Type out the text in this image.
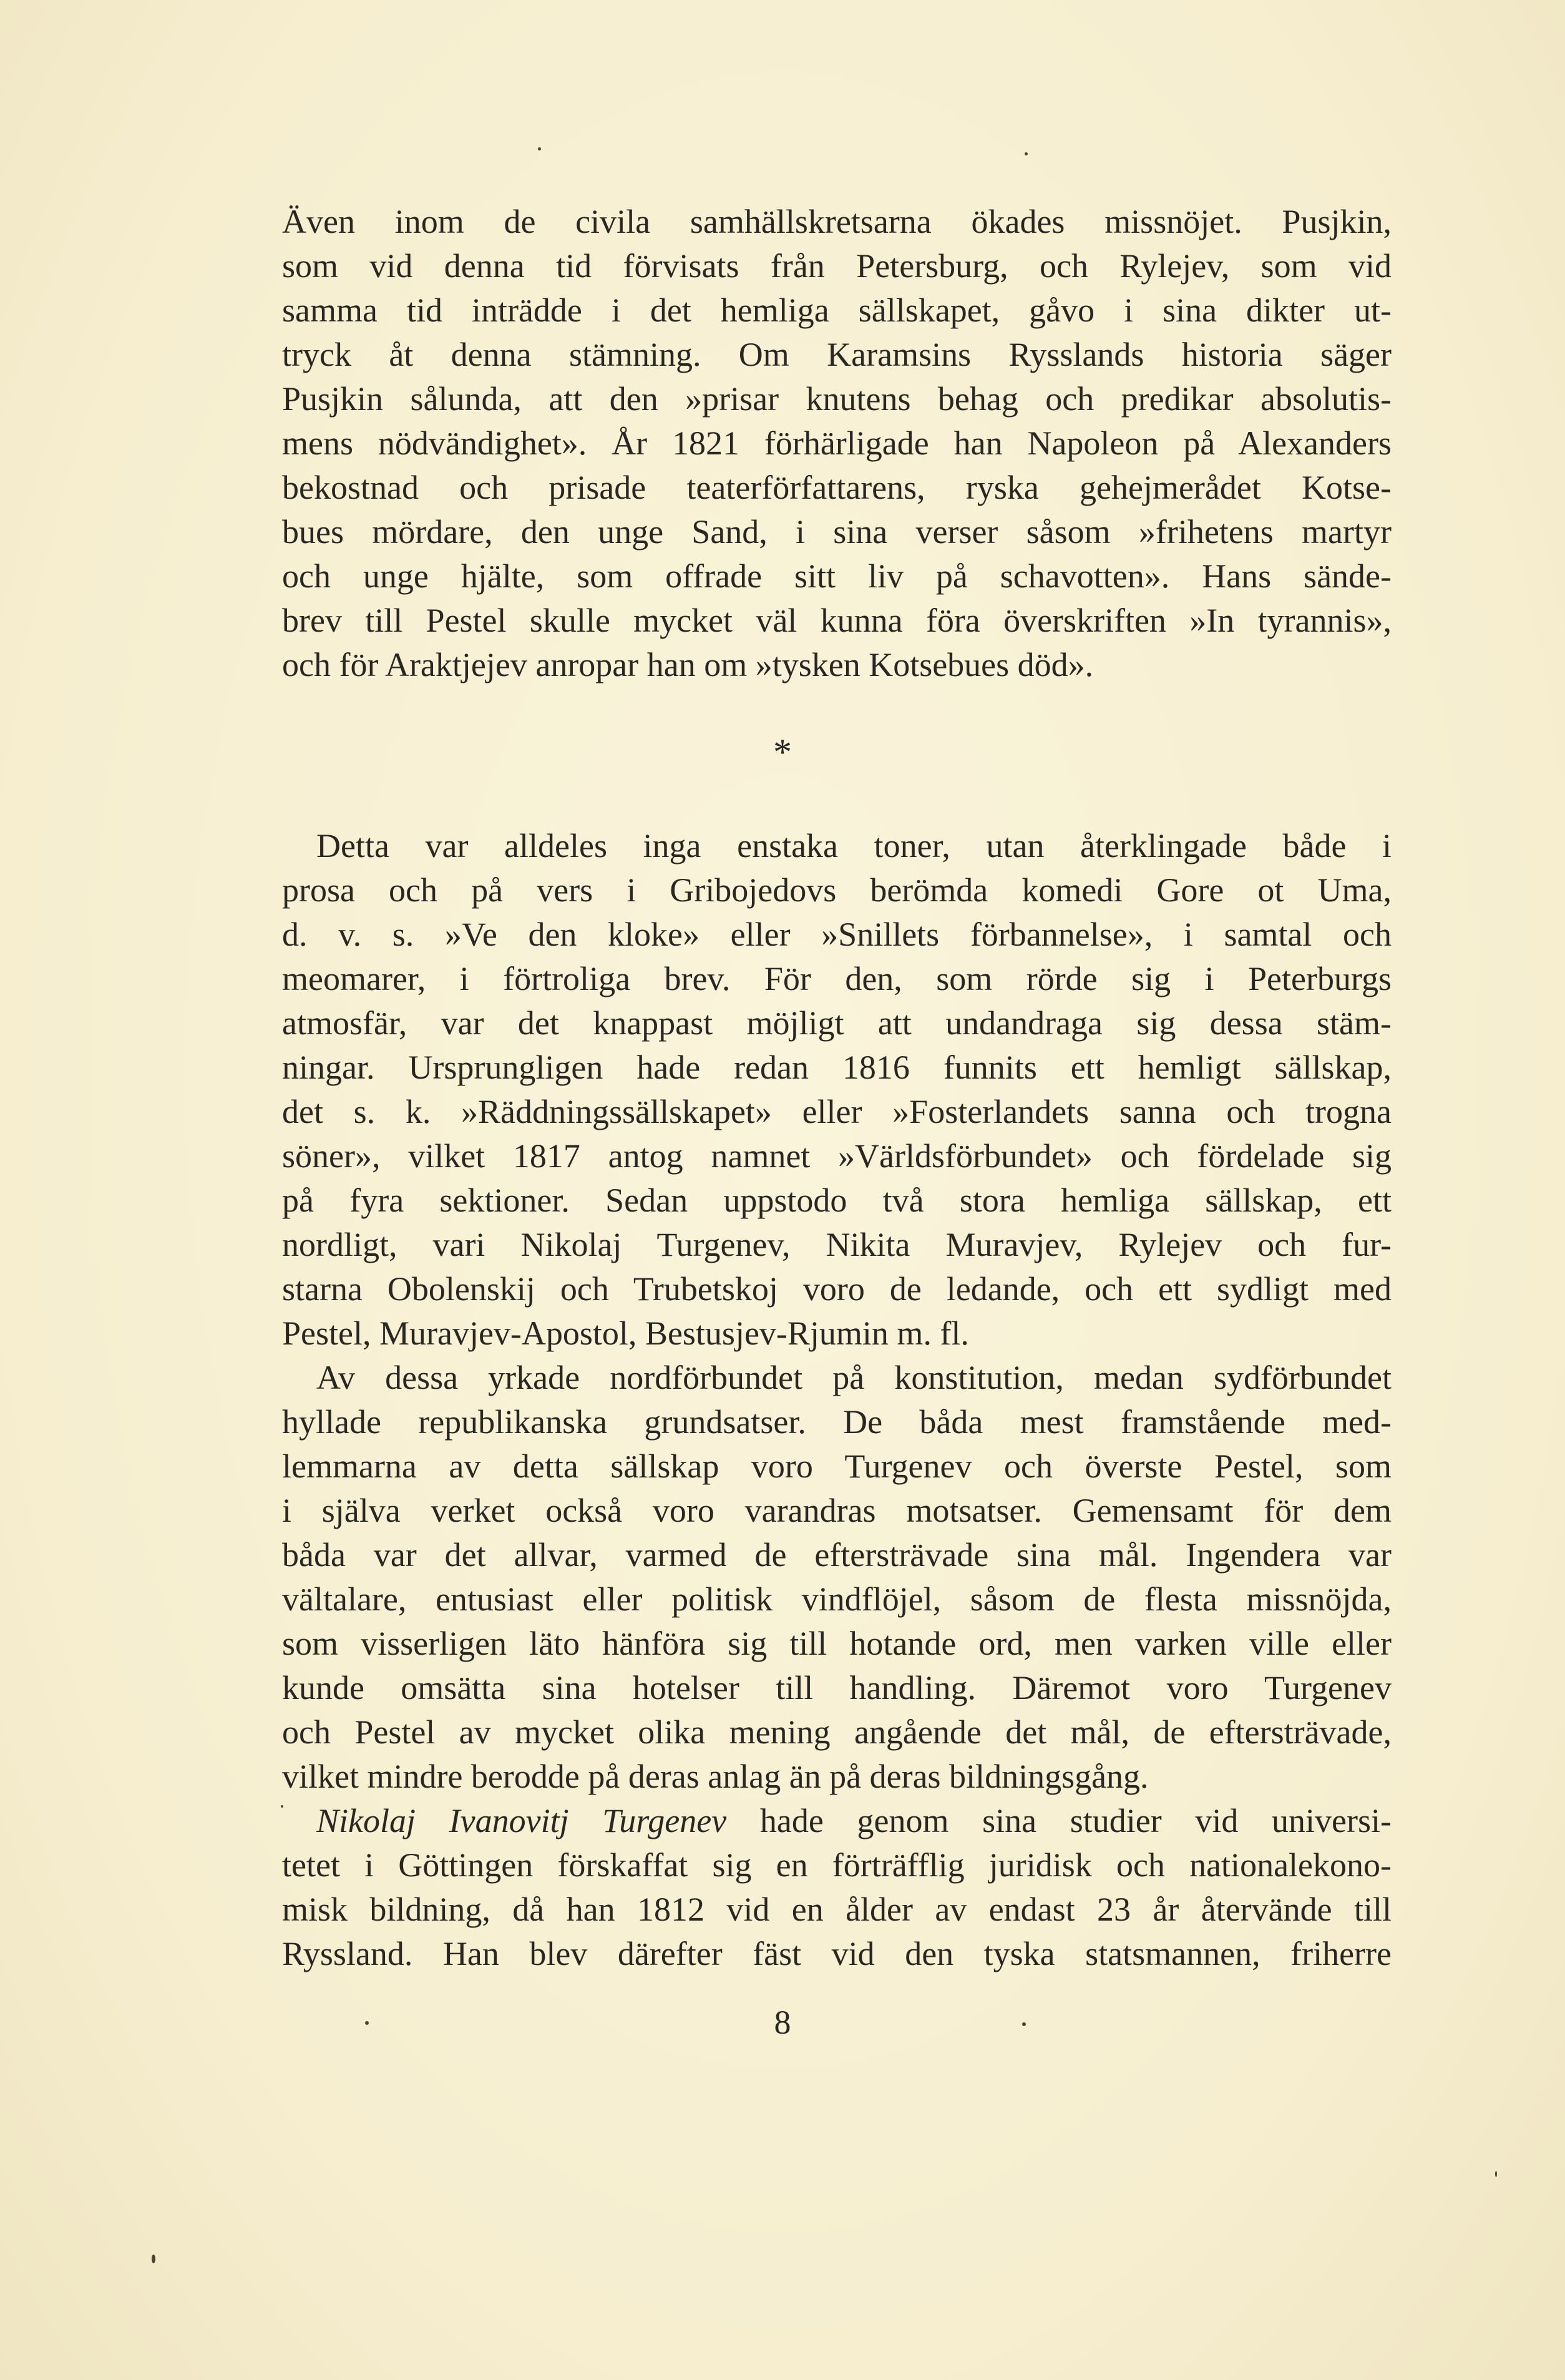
Även inom de civila samhällskretsarna ökades missnöjet. Pusjkin,
som vid denna tid förvisats från Petersburg, och Rylejev, som vid
samma tid inträdde i det hemliga sällskapet, gåvo i sina dikter ut-
tryck åt denna stämning. Om Karamsins Rysslands historia säger
Pusjkin sålunda, att den »prisar knutens behag och predikar absolutis-
mens nödvändighet». År 1821 förhärligade han Napoleon på Alexanders
bekostnad och prisade teaterförfattarens, ryska gehejmerådet Kotse-
bues mördare, den unge Sand, i sina verser såsom »frihetens martyr
och unge hjälte, som offrade sitt liv på schavotten». Hans sände-
brev till Pestel skulle mycket väl kunna föra överskriften »In tyrannis»,
och för Araktjejev anropar han om »tysken Kotsebues död».
*
Detta var alldeles inga enstaka toner, utan återklingade både i
prosa och på vers i Gribojedovs berömda komedi Gore ot Uma,
d. v. s. »Ve den kloke» eller »Snillets förbannelse», i samtal och
meomarer, i förtroliga brev. För den, som rörde sig i Peterburgs
atmosfär, var det knappast möjligt att undandraga sig dessa stäm-
ningar. Ursprungligen hade redan 1816 funnits ett hemligt sällskap,
det s. k. »Räddningssällskapet» eller »Fosterlandets sanna och trogna
söner», vilket 1817 antog namnet »Världsförbundet» och fördelade sig
på fyra sektioner. Sedan uppstodo två stora hemliga sällskap, ett
nordligt, vari Nikolaj Turgenev, Nikita Muravjev, Rylejev och fur-
starna Obolenskij och Trubetskoj voro de ledande, och ett sydligt med
Pestel, Muravjev-Apostol, Bestusjev-Rjumin m. fl.
Av dessa yrkade nordförbundet på konstitution, medan sydförbundet
hyllade republikanska grundsatser. De båda mest framstående med-
lemmarna av detta sällskap voro Turgenev och överste Pestel, som
i själva verket också voro varandras motsatser. Gemensamt för dem
båda var det allvar, varmed de eftersträvade sina mål. Ingendera var
vältalare, entusiast eller politisk vindflöjel, såsom de flesta missnöjda,
som visserligen läto hänföra sig till hotande ord, men varken ville eller
kunde omsätta sina hotelser till handling. Däremot voro Turgenev
och Pestel av mycket olika mening angående det mål, de eftersträvade,
vilket mindre berodde på deras anlag än på deras bildningsgång.
Nikolaj Ivanovitj Turgenev hade genom sina studier vid universi-
tetet i Göttingen förskaffat sig en förträfflig juridisk och nationalekono-
misk bildning, då han 1812 vid en ålder av endast 23 år återvände till
Ryssland. Han blev därefter fäst vid den tyska statsmannen, friherre
8
